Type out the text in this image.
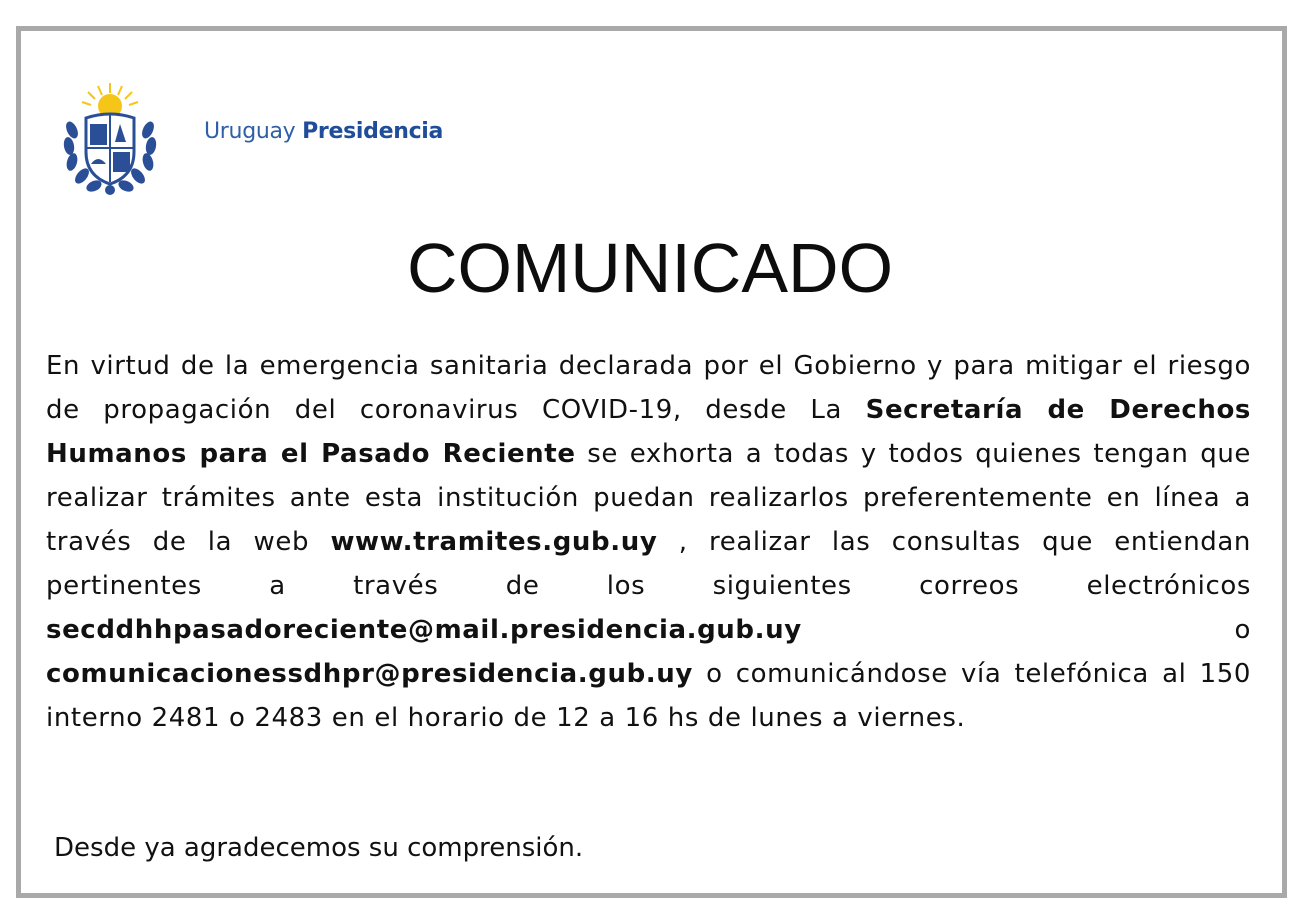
Uruguay Presidencia
COMUNICADO

En virtud de la emergencia sanitaria declarada por el Gobierno y para mitigar el riesgo de propagación del coronavirus COVID-19, desde La Secretaría de Derechos Humanos para el Pasado Reciente se exhorta a todas y todos quienes tengan que realizar trámites ante esta institución puedan realizarlos preferentemente en línea a través de la web www.tramites.gub.uy , realizar las consultas que entiendan pertinentes a través de los siguientes correos electrónicos secddhhpasadoreciente@mail.presidencia.gub.uy o comunicacionessdhpr@presidencia.gub.uy o comunicándose vía telefónica al 150 interno 2481 o 2483 en el horario de 12 a 16 hs de lunes a viernes.

Desde ya agradecemos su comprensión.
